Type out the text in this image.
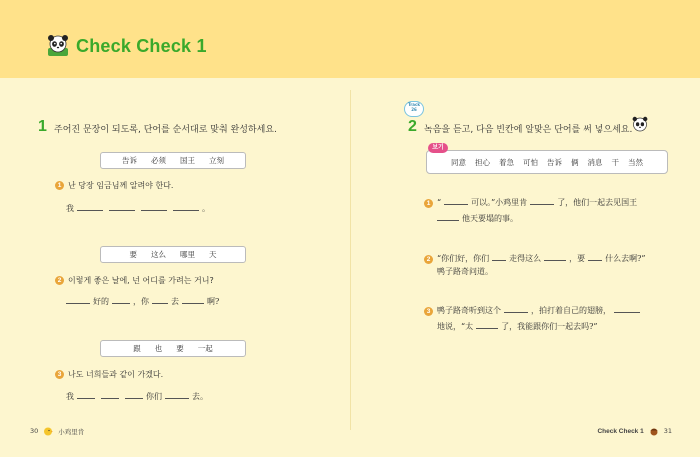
Check Check 1
1 주어진 문장이 되도록, 단어를 순서대로 맞춰 완성하세요.
告诉 必须 国王 立刻
1 난 당장 임금님께 알려야 한다.
我	。
要 这么 哪里 天
2 이렇게 좋은 날에, 넌 어디를 가려는 거니?
好的	，你	去	啊?
跟 也 要 一起
3 나도 너희들과 같이 가겠다.
我	你们	去。
Track
26
2 녹음을 듣고, 다음 빈칸에 알맞은 단어를 써 넣으세요.
同意 担心 着急 可怕 告诉 俩 消息 干 当然
보기
1 “	可以。”小鸡里肯	了，他们一起去见国王
他天要塌的事。
2 “你们好，你们	走得这么	，要	什么去啊?”
鸭子路奇问道。
3 鸭子路奇听到这个	，拍打着自己的翅膀，
地说，“太	了，我能跟你们一起去吗?”
30	小鸡里肯	Check Check 1	31
